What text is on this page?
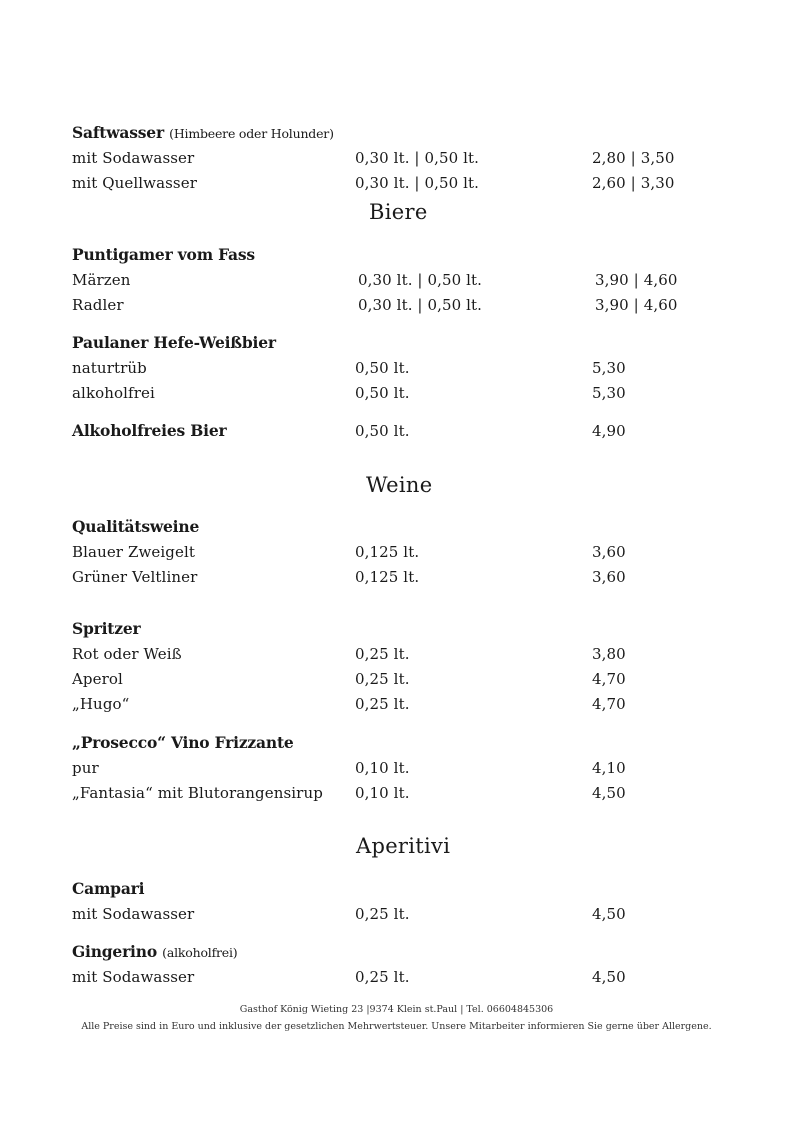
Saftwasser (Himbeere oder Holunder)
mit Sodawasser	0,30 lt. | 0,50 lt.	2,80 | 3,50
mit Quellwasser	0,30 lt. | 0,50 lt.	2,60 | 3,30
Biere
Puntigamer vom Fass
Märzen	0,30 lt. | 0,50 lt.	3,90 | 4,60
Radler	0,30 lt. | 0,50 lt.	3,90 | 4,60
Paulaner Hefe-Weißbier
naturtrüb	0,50 lt.	5,30
alkoholfrei	0,50 lt.	5,30
Alkoholfreies Bier	0,50 lt.	4,90
Weine
Qualitätsweine
Blauer Zweigelt	0,125 lt.	3,60
Grüner Veltliner	0,125 lt.	3,60
Spritzer
Rot oder Weiß	0,25 lt.	3,80
Aperol	0,25 lt.	4,70
„Hugo“	0,25 lt.	4,70
„Prosecco“ Vino Frizzante
pur	0,10 lt.	4,10
„Fantasia“ mit Blutorangensirup 0,10 lt.	4,50
Aperitivi
Campari
mit Sodawasser	0,25 lt.	4,50
Gingerino (alkoholfrei)
mit Sodawasser	0,25 lt.	4,50
Gasthof König Wieting 23 |9374 Klein st.Paul | Tel. 06604845306
Alle Preise sind in Euro und inklusive der gesetzlichen Mehrwertsteuer. Unsere Mitarbeiter informieren Sie gerne über Allergene.
